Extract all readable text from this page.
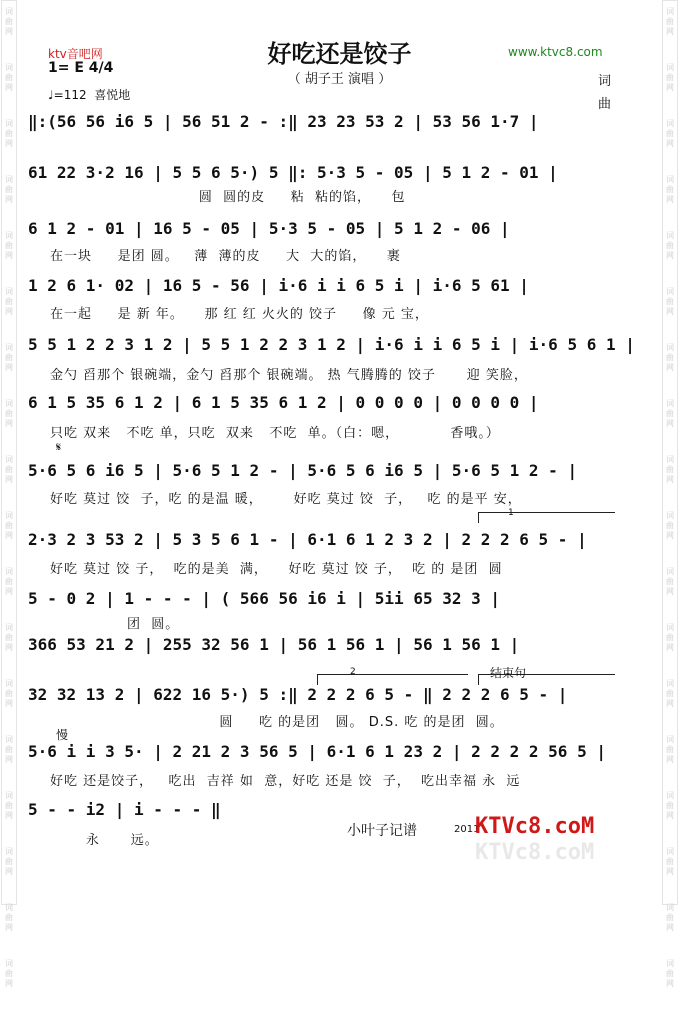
词曲网
词曲网
词曲网
词曲网
词曲网
词曲网
词曲网
词曲网
词曲网
词曲网
词曲网
词曲网
词曲网
词曲网
词曲网
词曲网
词曲网
词曲网
词曲网
词曲网
词曲网
词曲网
词曲网
词曲网
词曲网
词曲网
词曲网
词曲网
词曲网
词曲网
词曲网
词曲网
词曲网
词曲网
词曲网
词曲网
好吃还是饺子
（ 胡子王 演唱 ）
ktv音吧网	www.ktvc8.com
1= E 4/4
♩=112  喜悦地
词
曲
‖:(56 56 i6 5 | 56 51 2 - :‖ 23 23 53 2 | 53 56 1·7 |
61 22 3·2 16 | 5 5 6 5·) 5 ‖: 5·3 5 - 05 | 5 1 2 - 01 |
圆  圆的皮     粘  粘的馅，    包
6 1 2 - 01 | 16 5 - 05 | 5·3 5 - 05 | 5 1 2 - 06 |
在一块     是团 圆。   薄  薄的皮     大  大的馅，    裹
1 2 6 1· 02 | 16 5 - 56 | i·6 i i 6 5 i | i·6 5 61 |
在一起     是 新 年。    那 红 红 火火的 饺子     像 元 宝，
5 5 1 2 2 3 1 2 | 5 5 1 2 2 3 1 2 | i·6 i i 6 5 i | i·6 5 6 1 |
金勺 舀那个 银碗端，金勺 舀那个 银碗端。 热 气腾腾的 饺子      迎 笑脸，
6 1 5 35 6 1 2 | 6 1 5 35 6 1 2 | 0 0 0 0 | 0 0 0 0 |
只吃 双来   不吃 单，只吃  双来   不吃  单。（白：嗯，          香哦。）
𝄋
5·6 5 6 i6 5 | 5·6 5 1 2 - | 5·6 5 6 i6 5 | 5·6 5 1 2 - |
好吃 莫过 饺  子，吃 的是温 暖，      好吃 莫过 饺  子，   吃 的是平 安，
1
2·3 2 3 53 2 | 5 3 5 6 1 - | 6·1 6 1 2 3 2 | 2 2 2 6 5 - |
好吃 莫过 饺 子，  吃的是美  满，    好吃 莫过 饺 子，  吃 的 是团  圆
5 - 0 2 | 1 - - - | ( 566 56 i6 i | 5ii 65 32 3 |
团  圆。
366 53 21 2 | 255 32 56 1 | 56 1 56 1 | 56 1 56 1 |
2	结束句
32 32 13 2 | 622 16 5·) 5 :‖ 2 2 2 6 5 - ‖ 2 2 2 6 5 - |
圆     吃 的是团   圆。 D.S. 吃 的是团  圆。
慢
5·6 i i 3 5· | 2 21 2 3 56 5 | 6·1 6 1 23 2 | 2 2 2 2 56 5 |
好吃 还是饺子，   吃出  吉祥 如  意，好吃 还是 饺  子，  吃出幸福 永  远
5 - - i2 | i - - - ‖
永      远。
小叶子记谱	2011
KTVc8.coM
KTVc8.coM
